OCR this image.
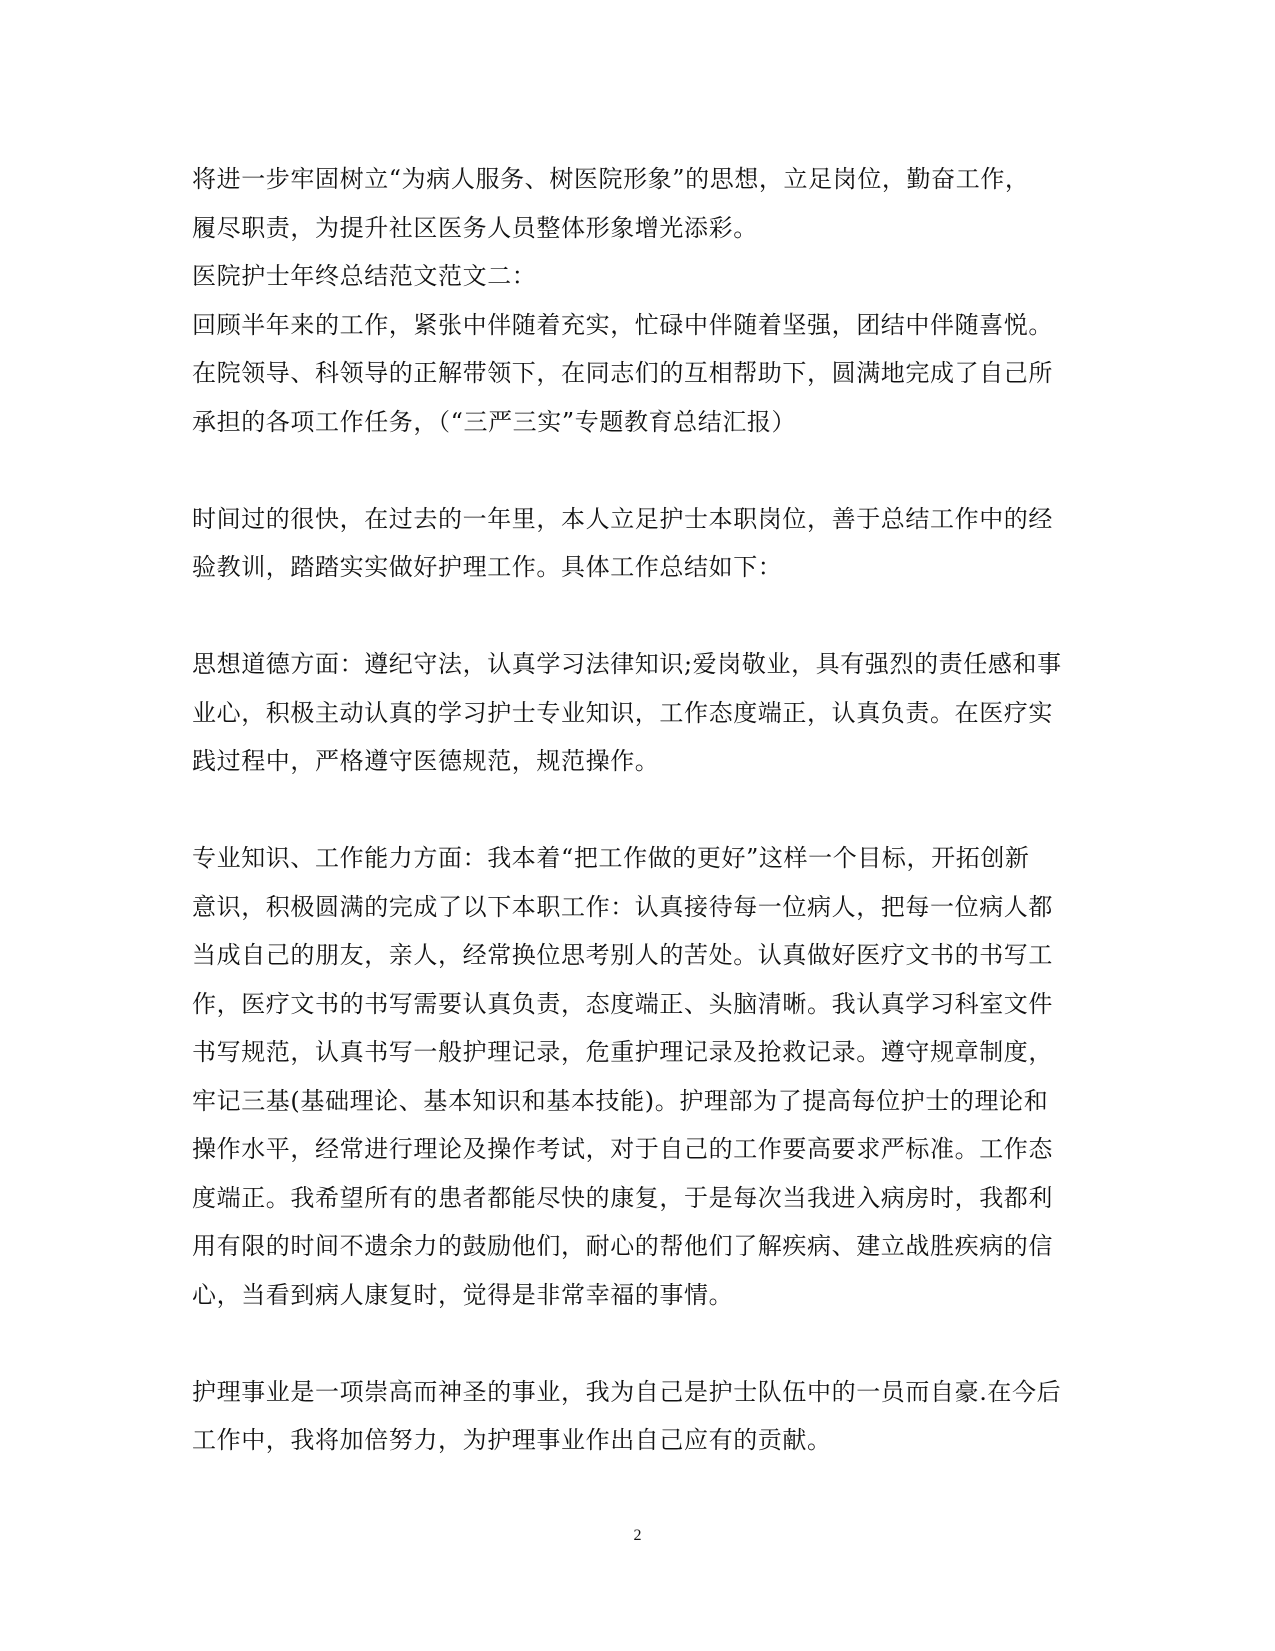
将进一步牢固树立“为病人服务、树医院形象”的思想，立足岗位，勤奋工作，
履尽职责，为提升社区医务人员整体形象增光添彩。
医院护士年终总结范文范文二：
回顾半年来的工作，紧张中伴随着充实，忙碌中伴随着坚强，团结中伴随喜悦。
在院领导、科领导的正解带领下，在同志们的互相帮助下，圆满地完成了自己所
承担的各项工作任务，（“三严三实”专题教育总结汇报）
时间过的很快，在过去的一年里，本人立足护士本职岗位，善于总结工作中的经
验教训，踏踏实实做好护理工作。具体工作总结如下：
思想道德方面：遵纪守法，认真学习法律知识;爱岗敬业，具有强烈的责任感和事
业心，积极主动认真的学习护士专业知识，工作态度端正，认真负责。在医疗实
践过程中，严格遵守医德规范，规范操作。
专业知识、工作能力方面：我本着“把工作做的更好”这样一个目标，开拓创新
意识，积极圆满的完成了以下本职工作：认真接待每一位病人，把每一位病人都
当成自己的朋友，亲人，经常换位思考别人的苦处。认真做好医疗文书的书写工
作，医疗文书的书写需要认真负责，态度端正、头脑清晰。我认真学习科室文件
书写规范，认真书写一般护理记录，危重护理记录及抢救记录。遵守规章制度，
牢记三基(基础理论、基本知识和基本技能)。护理部为了提高每位护士的理论和
操作水平，经常进行理论及操作考试，对于自己的工作要高要求严标准。工作态
度端正。我希望所有的患者都能尽快的康复，于是每次当我进入病房时，我都利
用有限的时间不遗余力的鼓励他们，耐心的帮他们了解疾病、建立战胜疾病的信
心，当看到病人康复时，觉得是非常幸福的事情。
护理事业是一项崇高而神圣的事业，我为自己是护士队伍中的一员而自豪.在今后
工作中，我将加倍努力，为护理事业作出自己应有的贡献。
2
